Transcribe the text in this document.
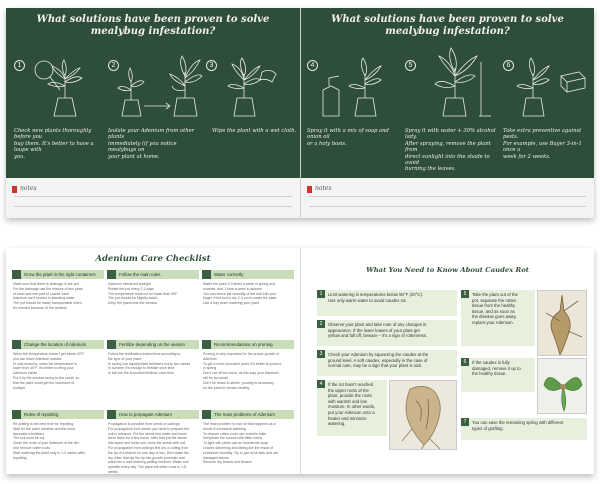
What solutions have been proven to solve
mealybug infestation?
1	2	3
Check new plants thoroughly before you
buy them. It's better to have a loupe with
you.
Isolate your Adenium from other plants
immediately (if you notice mealybugs on
your plant at home.
Wipe the plant with a wet cloth.
notes
What solutions have been proven to solve
mealybug infestation?
4	5	6
Spray it with a mix of soap and onion oil
or a holy basis.
Spray it with water + 30% alcohol lady.
After spraying, remove the plant from
direct sunlight into the shade to avoid
burning the leaves.
Take extra preventive against pests.
For example, use Bayer 3-in-1 once a
week for 2 weeks.
notes
Adenium Care Checklist
Grow the plant in the right containers
Make sure that there is drainage in the pot
For the drainage use the mixture of two parts
of sand and one part of coarse sand
Adenium can't survive in standing water
The pot should be easily transportable when
it's needed because of the weather
Follow the main rules
Adenium needs full sunlight
Rotate the pot every 2-3 days
The temperature must not be lower than 50F
The pot should be slightly acidic
Keep the plant near the window
Water correctly
Water the plant 2-3 times a week in spring and
summer, and 1 time a week in autumn
You can check the humidity of the soil with your
finger. If the soil is dry 2-3 cm to water the plant
Use a tray when watering your plant
Change the location of Adenium
When the temperature doesn't get below 40°F
you can leave Adenium outside
In cold seasons, when the temperature is
lower than 40°F, it's better to bring your
Adenium inside
Put it by the window facing to the south, so
that the plant could get the maximum of
sunlight
Fertilize depending on the season
Follow the fertilization instructions according to
the type of your plant
In spring use liquid/pellets fertilizers every two weeks
In summer it's enough to fertilize once time
In fall use the succulent fertilizer once time
Recommendations on pruning
Pruning is very important for the proper growth of
Adenium
To get a more succulent plant, it's better to prune it
in spring
Don't cut off too much, as this way your Adenium
will be too small
Don't be afraid to sterile, pruning is necessary
for the plant to remain healthy
Rules of repotting
Re-potting is the best time for repotting
Wait for the warm weather and the most
favorable conditions
The soil must be dry
Clean the roots of your Adenium of the dirt
and remove rotten roots
Start watering the plant only in 1-2 weeks after
repotting
How to propagate Adenium
Propagation is possible from seeds or cuttings
For propagation from seeds you need to prepare the
soil in advance. Put the seeds into water and leave
them there for a few hours. After that put the seeds
into warm and loose soil, close the seeds with soil
For propagation from cuttings first dry a cutting from
the tip of a branch for one day or two, then water the
dry. After that dip the tip into growth promoter and
plant into a well-draining potting medium. Water and
sprinkle every day. The plant will strike roots in 2-8
weeks
The main problems of Adenium
The main problem is root rot that happens as a
result of excessive watering
To recover rotten roots use a sterile knife
Dehydrate the source with bitter herbs
To fight with pests use an insecticide soap
Leaves darkening and falling are the result of
excessive humidity. Try to get rid of dark and old
damaged leaves
Remove dry leaves and flowers
What You Need to Know About Caudex Rot
1	Limit watering in temperatures below 50°F (20°C).
Use only warm water to avoid caudex rot.
2	Observe your plant and take note of any changes in
appearance. If the lower leaves of your plant get
yellow and fall off, beware – it's a sign of rottenness.
3	Check your Adenium by squeezing the caudex at the
ground level. A soft caudex, especially in the case of
normal care, may be a sign that your plant is sick.
4	If the rot hasn't reached
the upper roots of the
plant, provide the roots
with warmth and low
moisture. In other words,
put your Adenium onto a
heater and minimize
watering.
5	Take the plant out of the
pot, separate the rotten
tissue from the healthy
tissue, and as soon as
the disease goes away,
replant your Adenium.
6	If the caudex is fully
damaged, remove it up to
the healthy tissue.
7	You can save the remaining spring with different
types of grafting.
